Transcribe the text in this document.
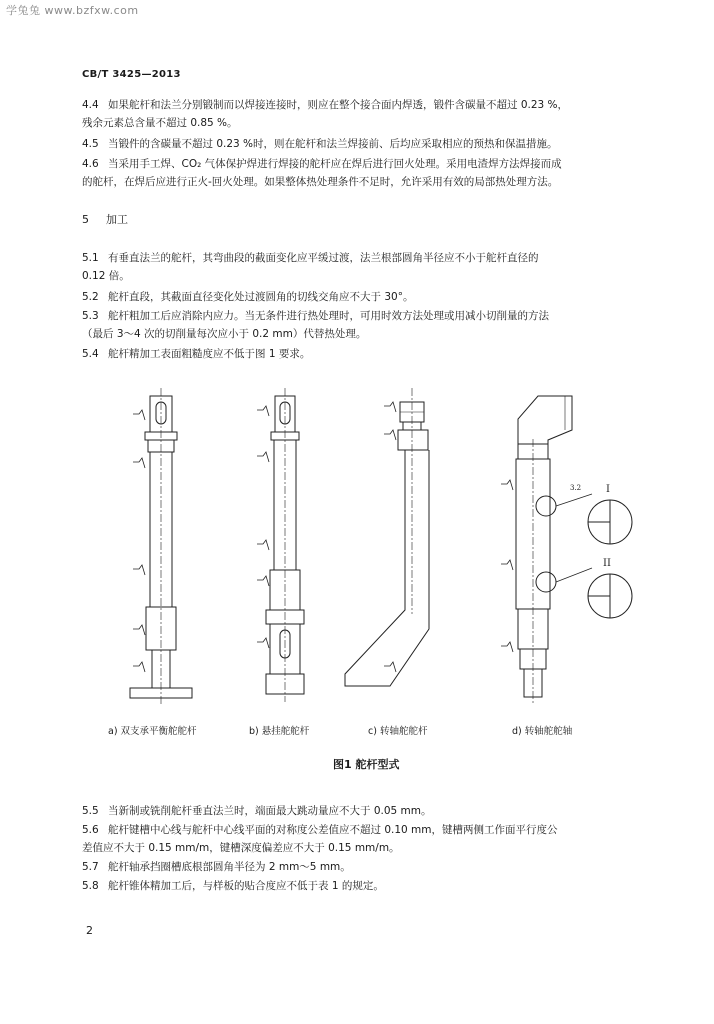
学兔兔 www.bzfxw.com
CB/T 3425—2013
4.4 如果舵杆和法兰分别锻制而以焊接连接时，则应在整个接合面内焊透，锻件含碳量不超过 0.23 %，
残余元素总含量不超过 0.85 %。
4.5 当锻件的含碳量不超过 0.23 %时，则在舵杆和法兰焊接前、后均应采取相应的预热和保温措施。
4.6 当采用手工焊、CO₂ 气体保护焊进行焊接的舵杆应在焊后进行回火处理。采用电渣焊方法焊接而成
的舵杆，在焊后应进行正火-回火处理。如果整体热处理条件不足时，允许采用有效的局部热处理方法。
5 加工
5.1 有垂直法兰的舵杆，其弯曲段的截面变化应平缓过渡，法兰根部圆角半径应不小于舵杆直径的
0.12 倍。
5.2 舵杆直段，其截面直径变化处过渡圆角的切线交角应不大于 30°。
5.3 舵杆粗加工后应消除内应力。当无条件进行热处理时，可用时效方法处理或用减小切削量的方法
（最后 3～4 次的切削量每次应小于 0.2 mm）代替热处理。
5.4 舵杆精加工表面粗糙度应不低于图 1 要求。
I
II
3.2
a) 双支承平衡舵舵杆	b) 悬挂舵舵杆	c) 转轴舵舵杆	d) 转轴舵舵轴
图1 舵杆型式
5.5 当新制或铣削舵杆垂直法兰时，端面最大跳动量应不大于 0.05 mm。
5.6 舵杆键槽中心线与舵杆中心线平面的对称度公差值应不超过 0.10 mm，键槽两侧工作面平行度公
差值应不大于 0.15 mm/m，键槽深度偏差应不大于 0.15 mm/m。
5.7 舵杆轴承挡圈槽底根部圆角半径为 2 mm～5 mm。
5.8 舵杆锥体精加工后，与样板的贴合度应不低于表 1 的规定。
2
